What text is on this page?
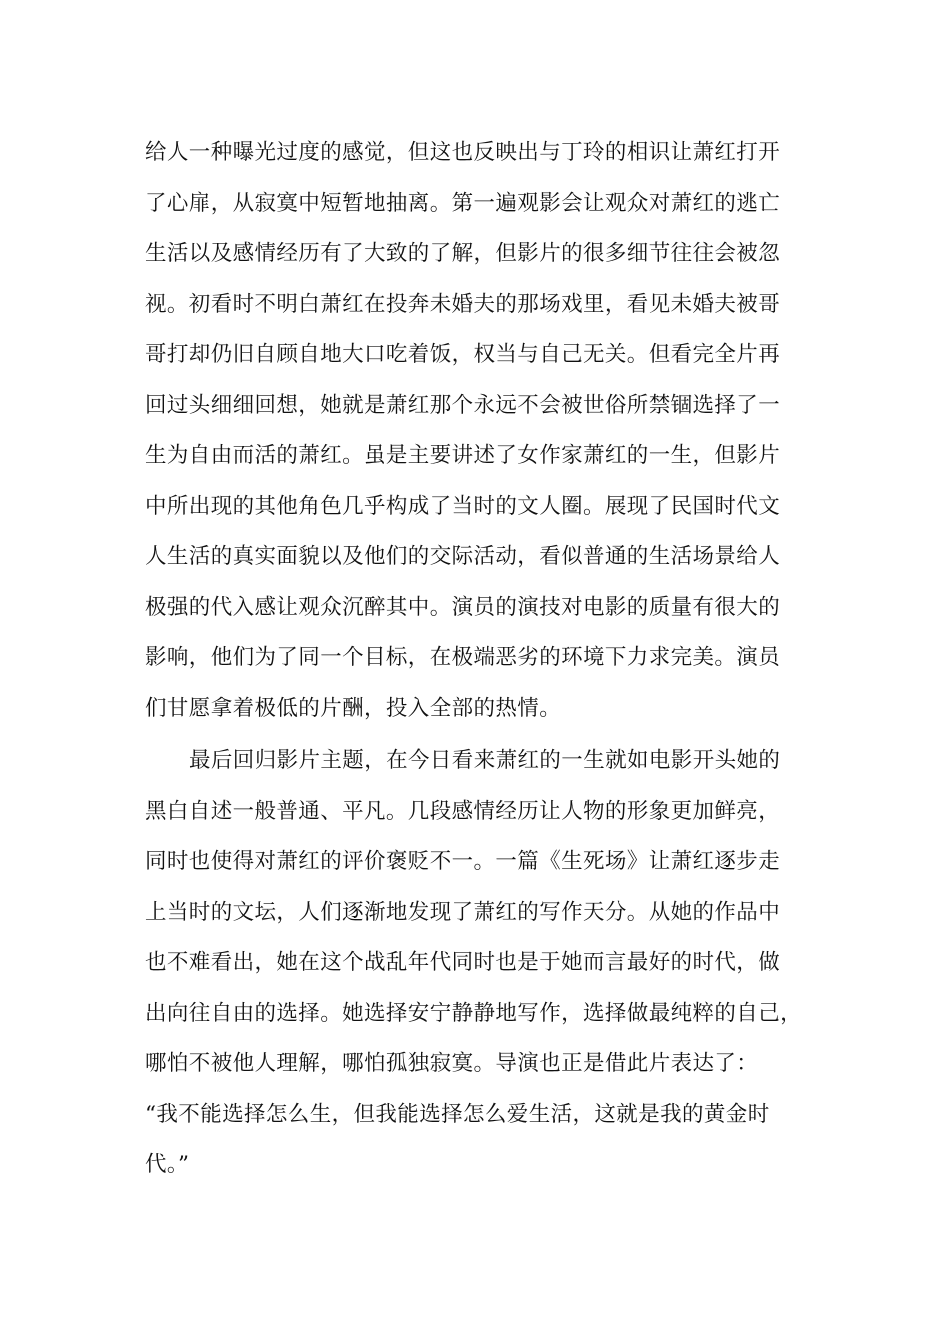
给人一种曝光过度的感觉，但这也反映出与丁玲的相识让萧红打开
了心扉，从寂寞中短暂地抽离。第一遍观影会让观众对萧红的逃亡
生活以及感情经历有了大致的了解，但影片的很多细节往往会被忽
视。初看时不明白萧红在投奔未婚夫的那场戏里，看见未婚夫被哥
哥打却仍旧自顾自地大口吃着饭，权当与自己无关。但看完全片再
回过头细细回想，她就是萧红那个永远不会被世俗所禁锢选择了一
生为自由而活的萧红。虽是主要讲述了女作家萧红的一生，但影片
中所出现的其他角色几乎构成了当时的文人圈。展现了民国时代文
人生活的真实面貌以及他们的交际活动，看似普通的生活场景给人
极强的代入感让观众沉醉其中。演员的演技对电影的质量有很大的
影响，他们为了同一个目标，在极端恶劣的环境下力求完美。演员
们甘愿拿着极低的片酬，投入全部的热情。
最后回归影片主题，在今日看来萧红的一生就如电影开头她的
黑白自述一般普通、平凡。几段感情经历让人物的形象更加鲜亮，
同时也使得对萧红的评价褒贬不一。一篇《生死场》让萧红逐步走
上当时的文坛，人们逐渐地发现了萧红的写作天分。从她的作品中
也不难看出，她在这个战乱年代同时也是于她而言最好的时代，做
出向往自由的选择。她选择安宁静静地写作，选择做最纯粹的自己，
哪怕不被他人理解，哪怕孤独寂寞。导演也正是借此片表达了：
“我不能选择怎么生，但我能选择怎么爱生活，这就是我的黄金时
代。”
